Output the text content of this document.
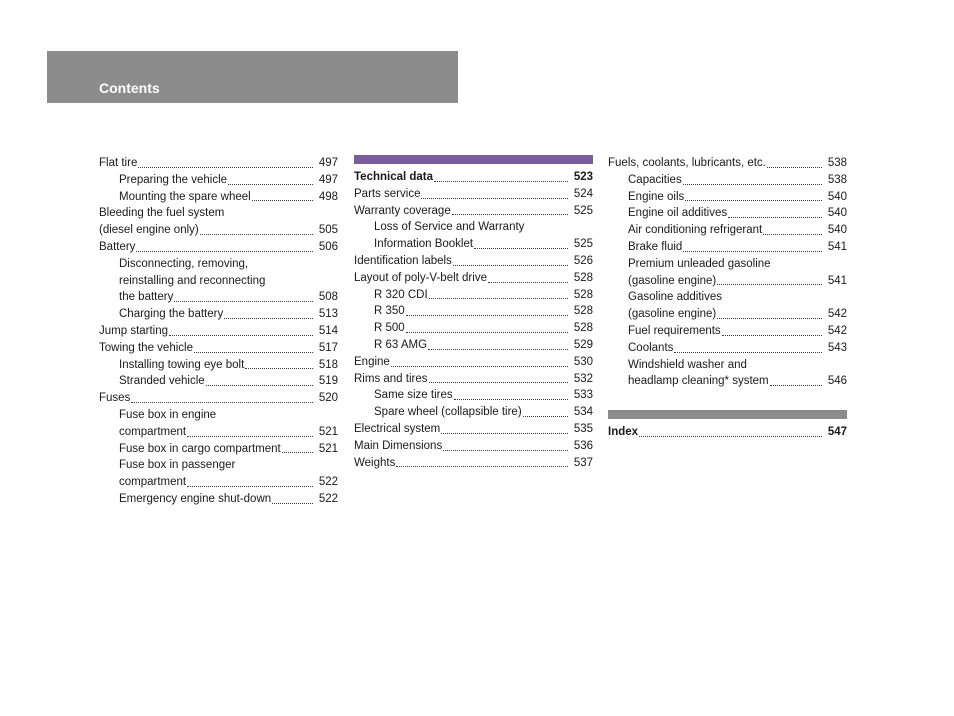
Contents
Flat tire	497
Preparing the vehicle	497
Mounting the spare wheel	498
Bleeding the fuel system
(diesel engine only)	505
Battery	506
Disconnecting, removing,
reinstalling and reconnecting
the battery	508
Charging the battery	513
Jump starting	514
Towing the vehicle	517
Installing towing eye bolt	518
Stranded vehicle	519
Fuses	520
Fuse box in engine
compartment	521
Fuse box in cargo compartment	521
Fuse box in passenger
compartment	522
Emergency engine shut-down	522
Technical data	523
Parts service	524
Warranty coverage	525
Loss of Service and Warranty
Information Booklet	525
Identification labels	526
Layout of poly-V-belt drive	528
R 320 CDI	528
R 350	528
R 500	528
R 63 AMG	529
Engine	530
Rims and tires	532
Same size tires	533
Spare wheel (collapsible tire)	534
Electrical system	535
Main Dimensions	536
Weights	537
Fuels, coolants, lubricants, etc.	538
Capacities	538
Engine oils	540
Engine oil additives	540
Air conditioning refrigerant	540
Brake fluid	541
Premium unleaded gasoline
(gasoline engine)	541
Gasoline additives
(gasoline engine)	542
Fuel requirements	542
Coolants	543
Windshield washer and
headlamp cleaning* system	546
Index	547
